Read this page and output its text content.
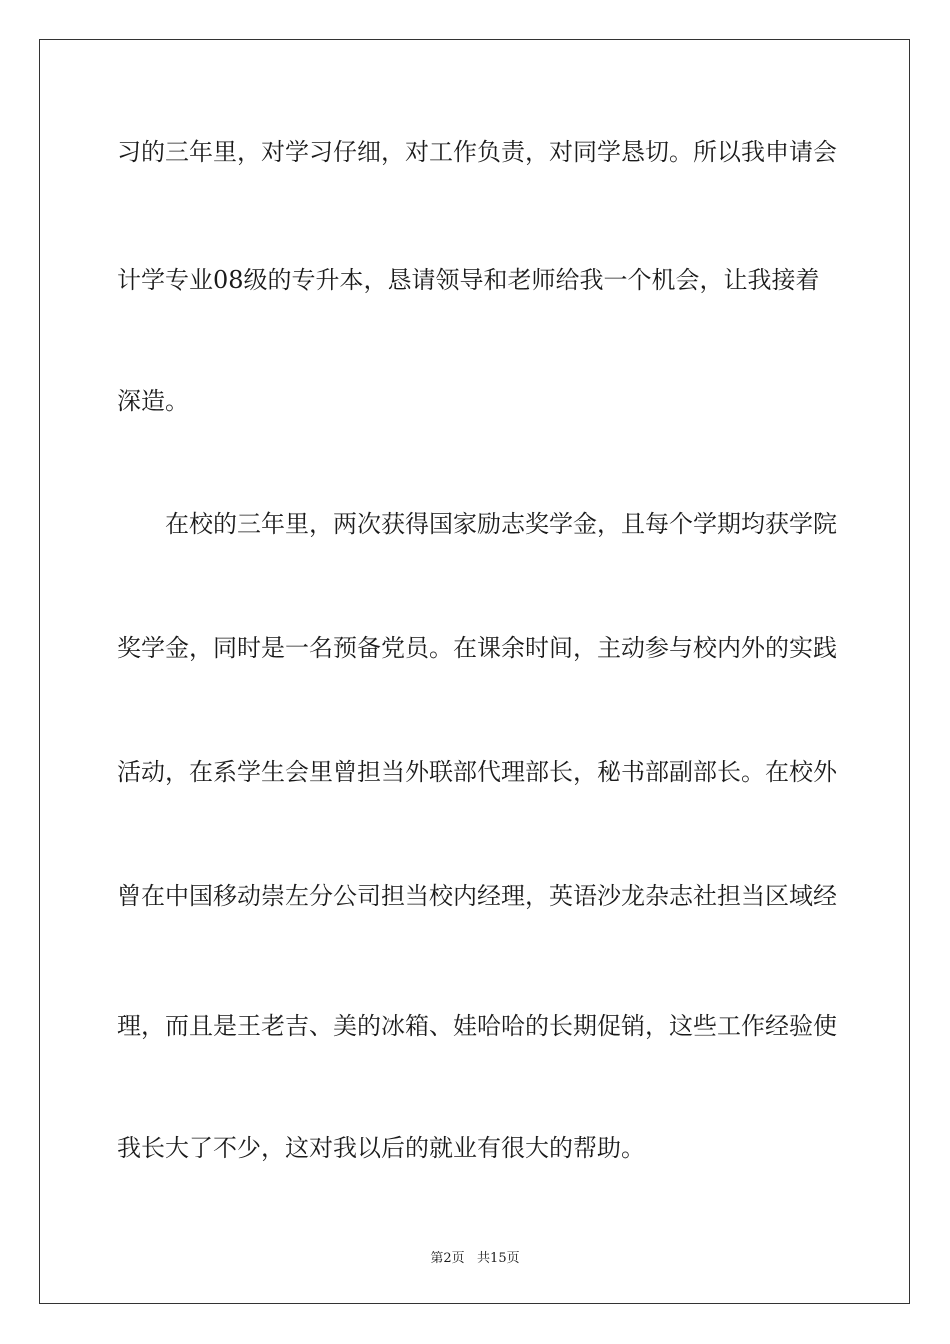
习的三年里，对学习仔细，对工作负责，对同学恳切。所以我申请会
计学专业08级的专升本，恳请领导和老师给我一个机会，让我接着
深造。
在校的三年里，两次获得国家励志奖学金，且每个学期均获学院
奖学金，同时是一名预备党员。在课余时间，主动参与校内外的实践
活动，在系学生会里曾担当外联部代理部长，秘书部副部长。在校外
曾在中国移动崇左分公司担当校内经理，英语沙龙杂志社担当区域经
理，而且是王老吉、美的冰箱、娃哈哈的长期促销，这些工作经验使
我长大了不少，这对我以后的就业有很大的帮助。
第2页   共15页
